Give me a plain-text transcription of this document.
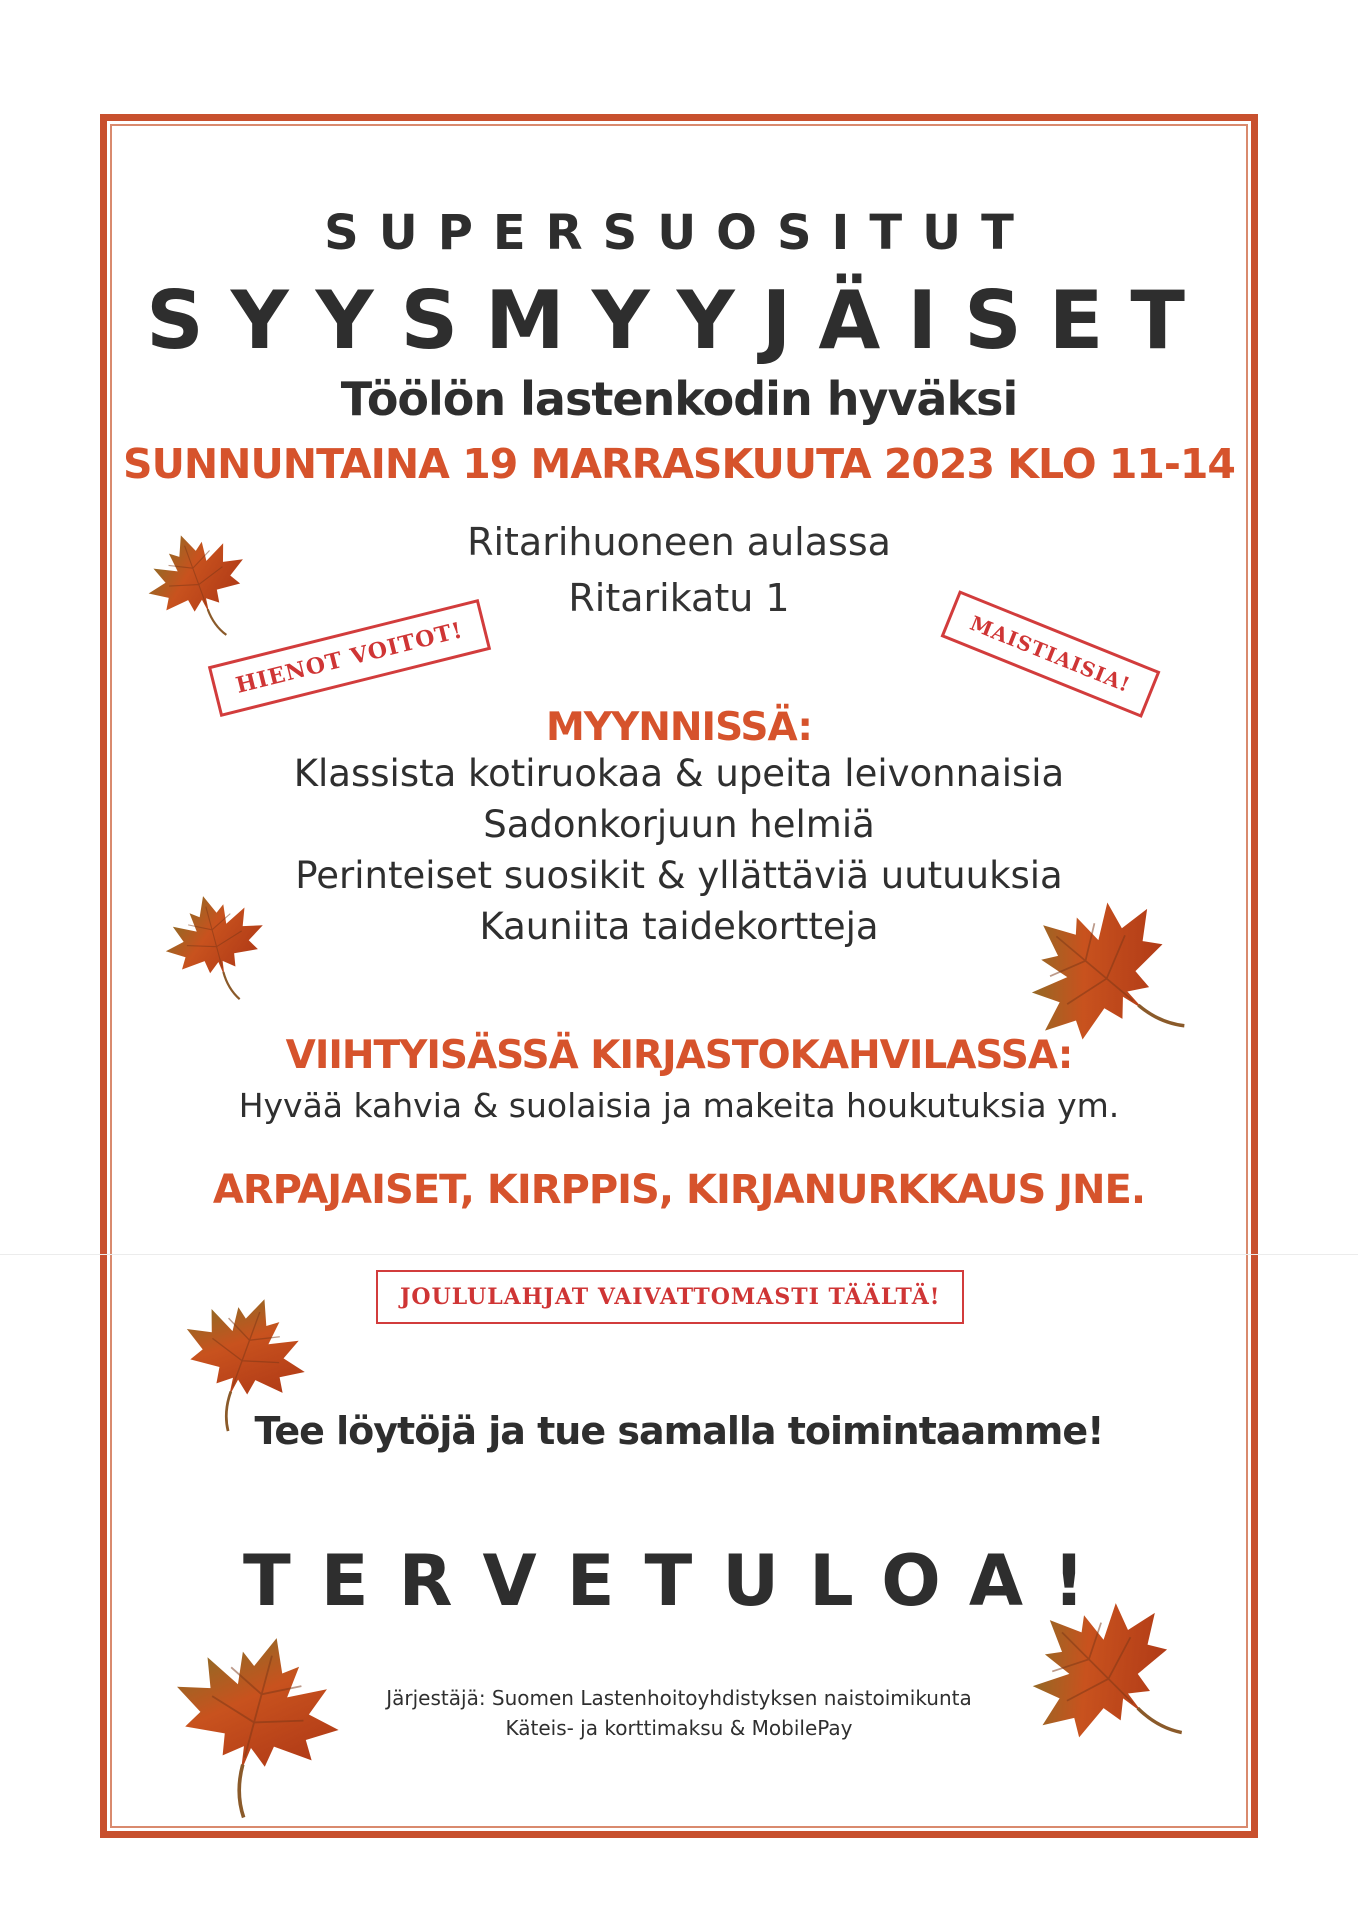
SUPERSUOSITUT
SYYSMYYJÄISET
Töölön lastenkodin hyväksi
SUNNUNTAINA 19 MARRASKUUTA 2023 KLO 11-14
Ritarihuoneen aulassa
Ritarikatu 1
HIENOT VOITOT!	MAISTIAISIA!
MYYNNISSÄ:
Klassista kotiruokaa & upeita leivonnaisia
Sadonkorjuun helmiä
Perinteiset suosikit & yllättäviä uutuuksia
Kauniita taidekortteja
VIIHTYISÄSSÄ KIRJASTOKAHVILASSA:
Hyvää kahvia & suolaisia ja makeita houkutuksia ym.
ARPAJAISET, KIRPPIS, KIRJANURKKAUS JNE.
JOULULAHJAT VAIVATTOMASTI TÄÄLTÄ!
Tee löytöjä ja tue samalla toimintaamme!
TERVETULOA!
Järjestäjä: Suomen Lastenhoitoyhdistyksen naistoimikunta
Käteis- ja korttimaksu & MobilePay
